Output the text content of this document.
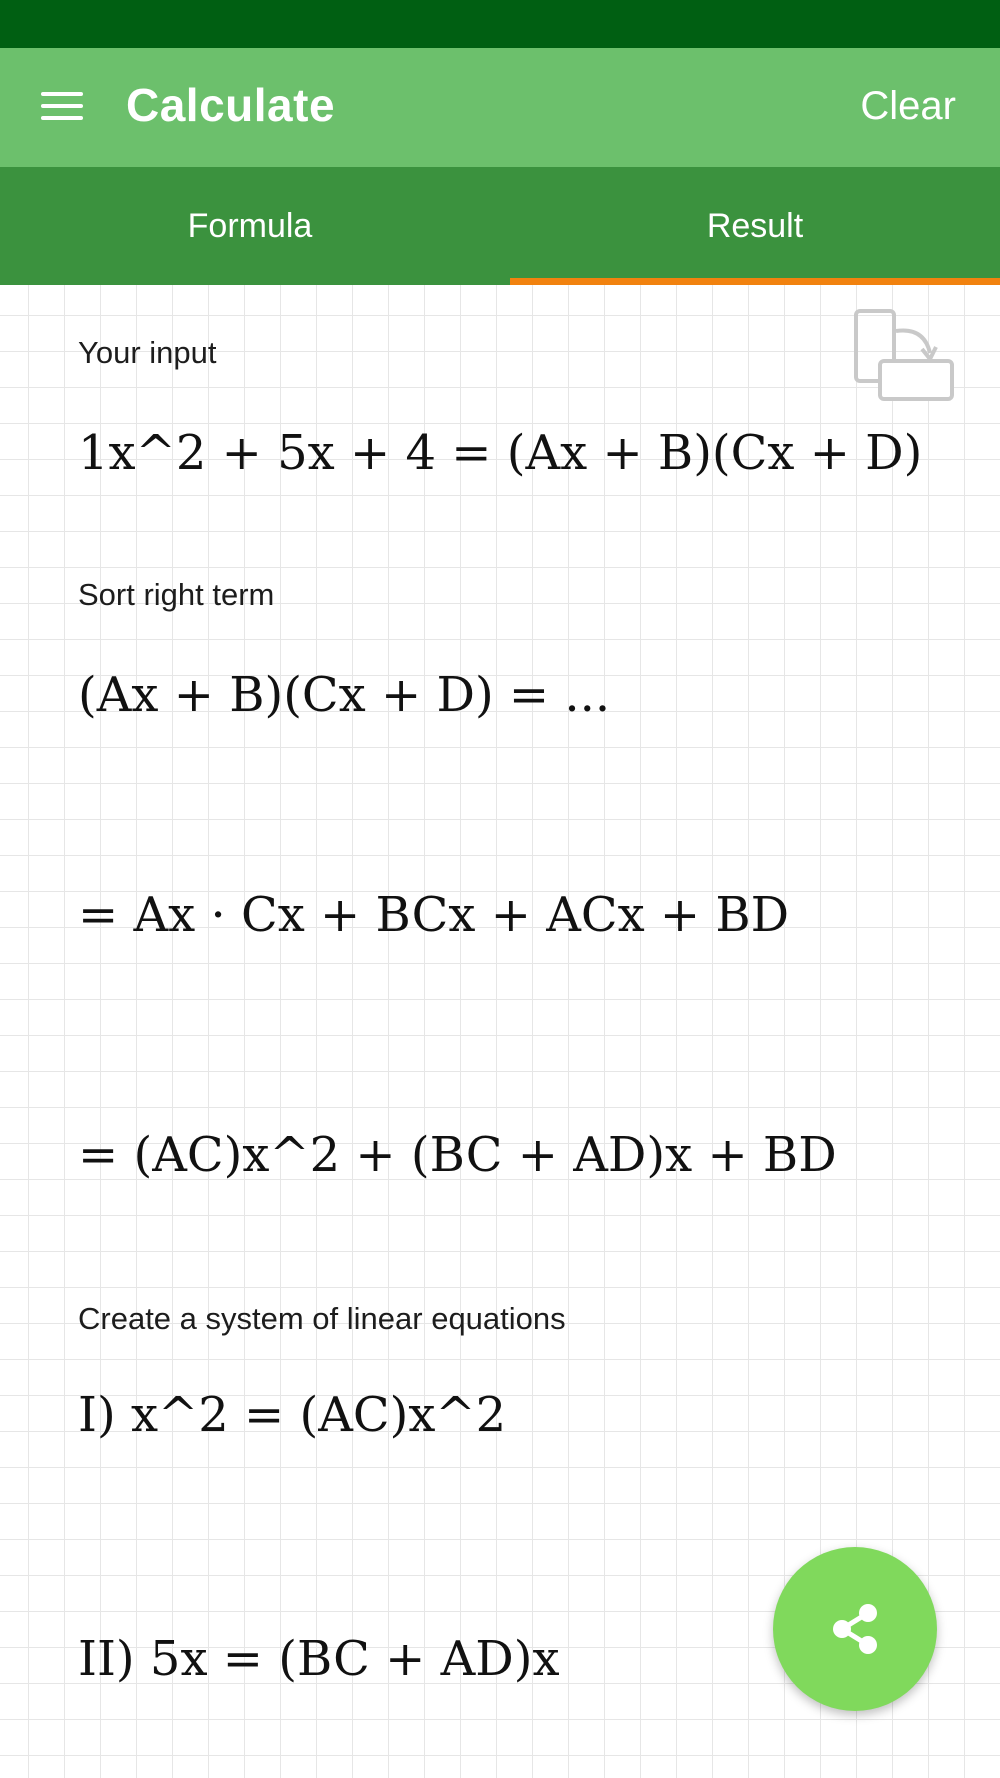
Calculate	Clear
Formula	Result
Your input
1x^2 + 5x + 4 = (Ax + B)(Cx + D)
Sort right term
(Ax + B)(Cx + D) = ...
= Ax · Cx + BCx + ACx + BD
= (AC)x^2 + (BC + AD)x + BD
Create a system of linear equations
I) x^2 = (AC)x^2
II) 5x = (BC + AD)x
